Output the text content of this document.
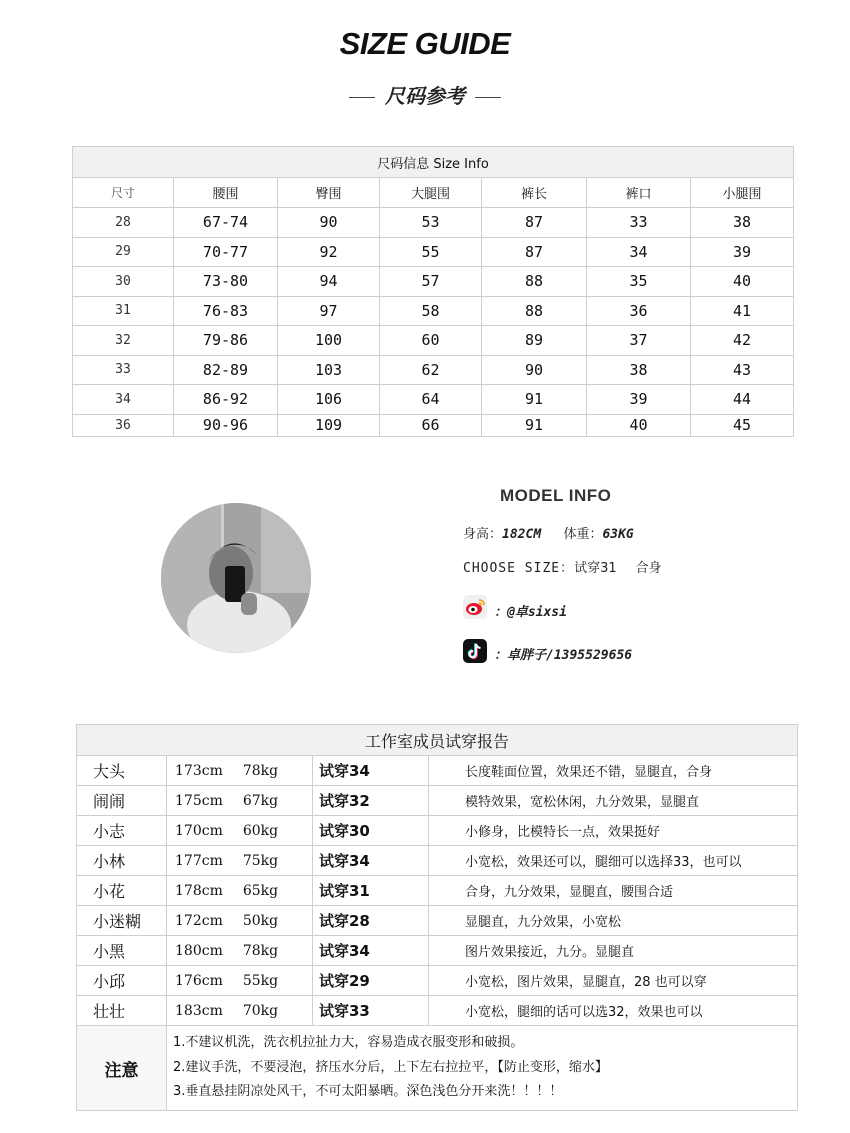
SIZE GUIDE
尺码参考
尺码信息 Size Info						
尺寸	腰围	臀围	大腿围	裤长	裤口	小腿围
28	67-74	90	53	87	33	38
29	70-77	92	55	87	34	39
30	73-80	94	57	88	35	40
31	76-83	97	58	88	36	41
32	79-86	100	60	89	37	42
33	82-89	103	62	90	38	43
34	86-92	106	64	91	39	44
36	90-96	109	66	91	40	45
MODEL INFO
身高：182CM 体重：63KG
CHOOSE SIZE：试穿31 合身
：@卓sixsi
：卓胖子/1395529656
工作室成员试穿报告			
大头	173cm 78kg	试穿34	长度鞋面位置，效果还不错，显腿直，合身
闹闹	175cm 67kg	试穿32	模特效果，宽松休闲，九分效果，显腿直
小志	170cm 60kg	试穿30	小修身，比模特长一点，效果挺好
小林	177cm 75kg	试穿34	小宽松，效果还可以，腿细可以选择33，也可以
小花	178cm 65kg	试穿31	合身，九分效果，显腿直，腰围合适
小迷糊	172cm 50kg	试穿28	显腿直，九分效果，小宽松
小黑	180cm 78kg	试穿34	图片效果接近，九分。显腿直
小邱	176cm 55kg	试穿29	小宽松，图片效果，显腿直，28 也可以穿
壮壮	183cm 70kg	试穿33	小宽松，腿细的话可以选32，效果也可以
注意	1.不建议机洗，洗衣机拉扯力大，容易造成衣服变形和破损。
2.建议手洗，不要浸泡，挤压水分后，上下左右拉拉平，【防止变形，缩水】
3.垂直悬挂阴凉处风干，不可太阳暴晒。深色浅色分开来洗！！！！		
